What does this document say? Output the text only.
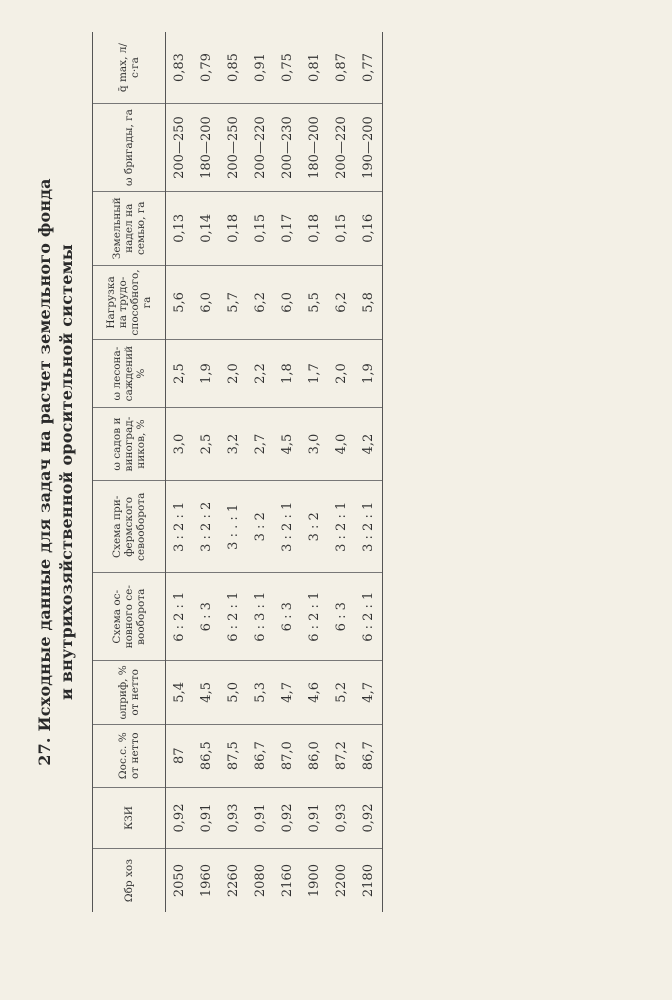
27. Исходные данные для задач на расчет земельного фонда и внутрихозяйственной оросительной системы
Ωбр хоз	КЗИ	Ωос.с. % от нетто	ωприф, % от нетто	Схема основного севооборота	Схема прифермского севооборота	ω садов и виноградников, %	ω лесонасаждений %	Нагрузка на трудоспособного, га	Земельный надел на семью, га	ω бригады, га	q̄ max, л/с·га
2050	0,92	87	5,4	6 : 2 : 1	3 : 2 : 1	3,0	2,5	5,6	0,13	200—250	0,83
1960	0,91	86,5	4,5	6 : 3	3 : 2 : 2	2,5	1,9	6,0	0,14	180—200	0,79
2260	0,93	87,5	5,0	6 : 2 : 1	3 : . : 1	3,2	2,0	5,7	0,18	200—250	0,85
2080	0,91	86,7	5,3	6 : 3 : 1	3 : 2	2,7	2,2	6,2	0,15	200—220	0,91
2160	0,92	87,0	4,7	6 : 3	3 : 2 : 1	4,5	1,8	6,0	0,17	200—230	0,75
1900	0,91	86,0	4,6	6 : 2 : 1	3 : 2	3,0	1,7	5,5	0,18	180—200	0,81
2200	0,93	87,2	5,2	6 : 3	3 : 2 : 1	4,0	2,0	6,2	0,15	200—220	0,87
2180	0,92	86,7	4,7	6 : 2 : 1	3 : 2 : 1	4,2	1,9	5,8	0,16	190—200	0,77
